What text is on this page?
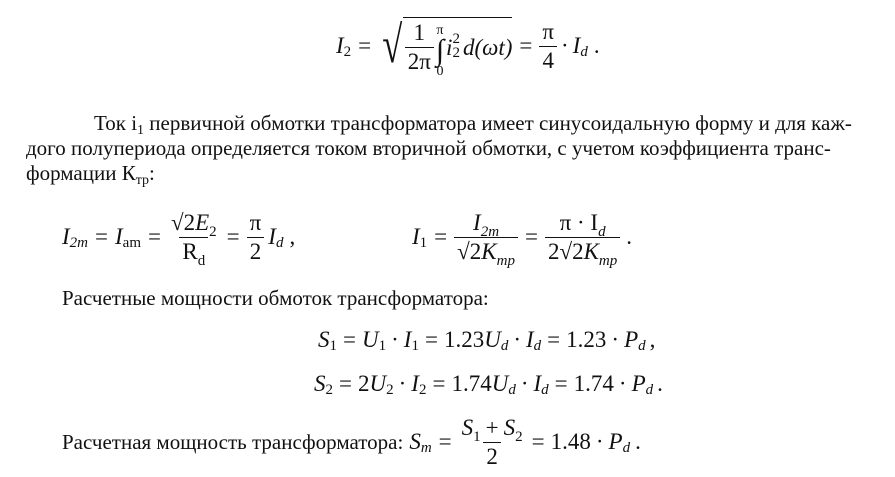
I 2 = √ $\frac{1}{2\pi}$ π
∫
0
i 2
2 $d(\omega t) = \frac{\pi}{4} \cdot I$ d .
Ток i1 первичной обмотки трансформатора имеет синусоидальную форму и для каж-
дого полупериода определяется током вторичной обмотки, с учетом коэффициента транс-
формации Ктр:
I 2m = I am = $\frac{√2E_2}{R_d} = \frac{\pi}{2}$ I d ,	I $1 = \frac{I_{2m}}{√2K_{mp}} = \frac{\pi \cdot I_d}{2√2K_{mp}}$ .
Расчетные мощности обмоток трансформатора:
S 1 = U 1 · I 1 = 1.23 U d · I d = 1.23 · P d ,
S 2 = 2 U 2 · I 2 = 1.74 U d · I d = 1.74 · P d .
Расчетная мощность трансформатора: S $m = \frac{S_1 + S_2}{2} = 1.48 \cdot P$ d .
